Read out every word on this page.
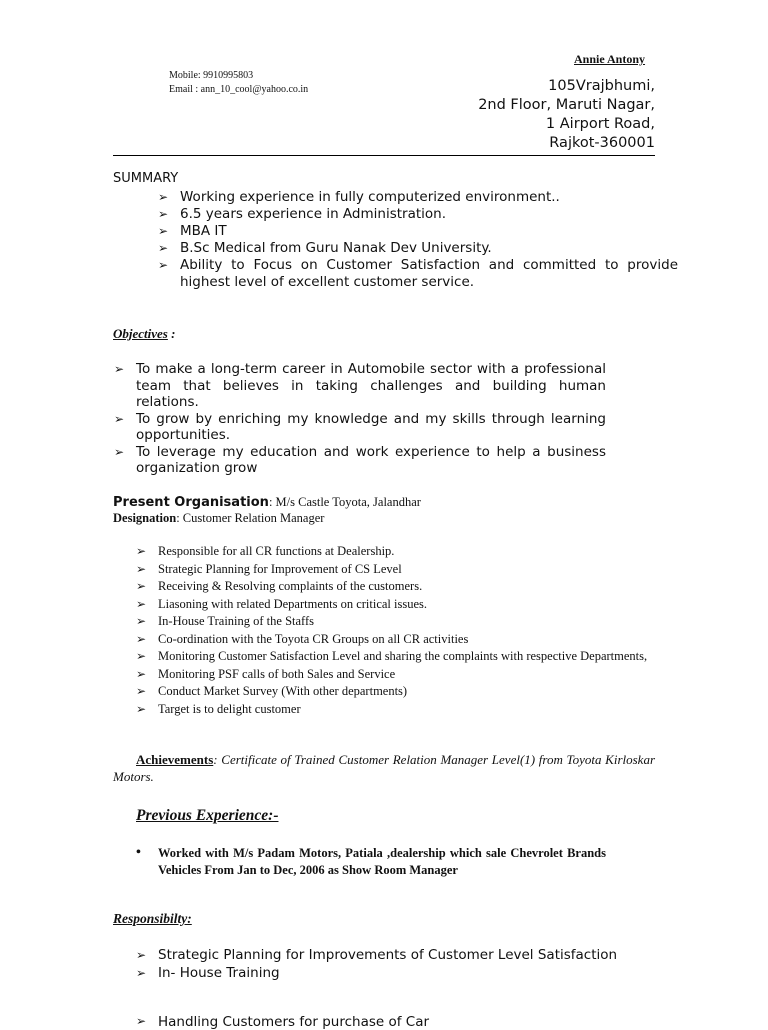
Annie Antony
Mobile: 9910995803
Email : ann_10_cool@yahoo.co.in	105Vrajbhumi,
2nd Floor, Maruti Nagar,
1 Airport Road,
Rajkot-360001
SUMMARY
➢ Working experience in fully computerized environment..
➢ 6.5 years experience in Administration.
➢ MBA IT
➢ B.Sc Medical from Guru Nanak Dev University.
➢ Ability to Focus on Customer Satisfaction and committed to provide highest level of excellent customer service.
Objectives :
➢ To make a long-term career in Automobile sector with a professional team that believes in taking challenges and building human relations.
➢ To grow by enriching my knowledge and my skills through learning opportunities.
➢ To leverage my education and work experience to help a business organization grow
Present Organisation: M/s Castle Toyota, Jalandhar
Designation: Customer Relation Manager
➢ Responsible for all CR functions at Dealership.
➢ Strategic Planning for Improvement of CS Level
➢ Receiving & Resolving complaints of the customers.
➢ Liasoning with related Departments on critical issues.
➢ In-House Training of the Staffs
➢ Co-ordination with the Toyota CR Groups on all CR activities
➢ Monitoring Customer Satisfaction Level and sharing the complaints with respective Departments,
➢ Monitoring PSF calls of both Sales and Service
➢ Conduct Market Survey (With other departments)
➢ Target is to delight customer
Achievements: Certificate of Trained Customer Relation Manager Level(1) from Toyota Kirloskar Motors.
Previous Experience:-
• Worked with M/s Padam Motors, Patiala ,dealership which sale Chevrolet Brands Vehicles From Jan to Dec, 2006 as Show Room Manager
Responsibilty:
➢ Strategic Planning for Improvements of Customer Level Satisfaction
➢ In- House Training
➢ Handling Customers for purchase of Car
